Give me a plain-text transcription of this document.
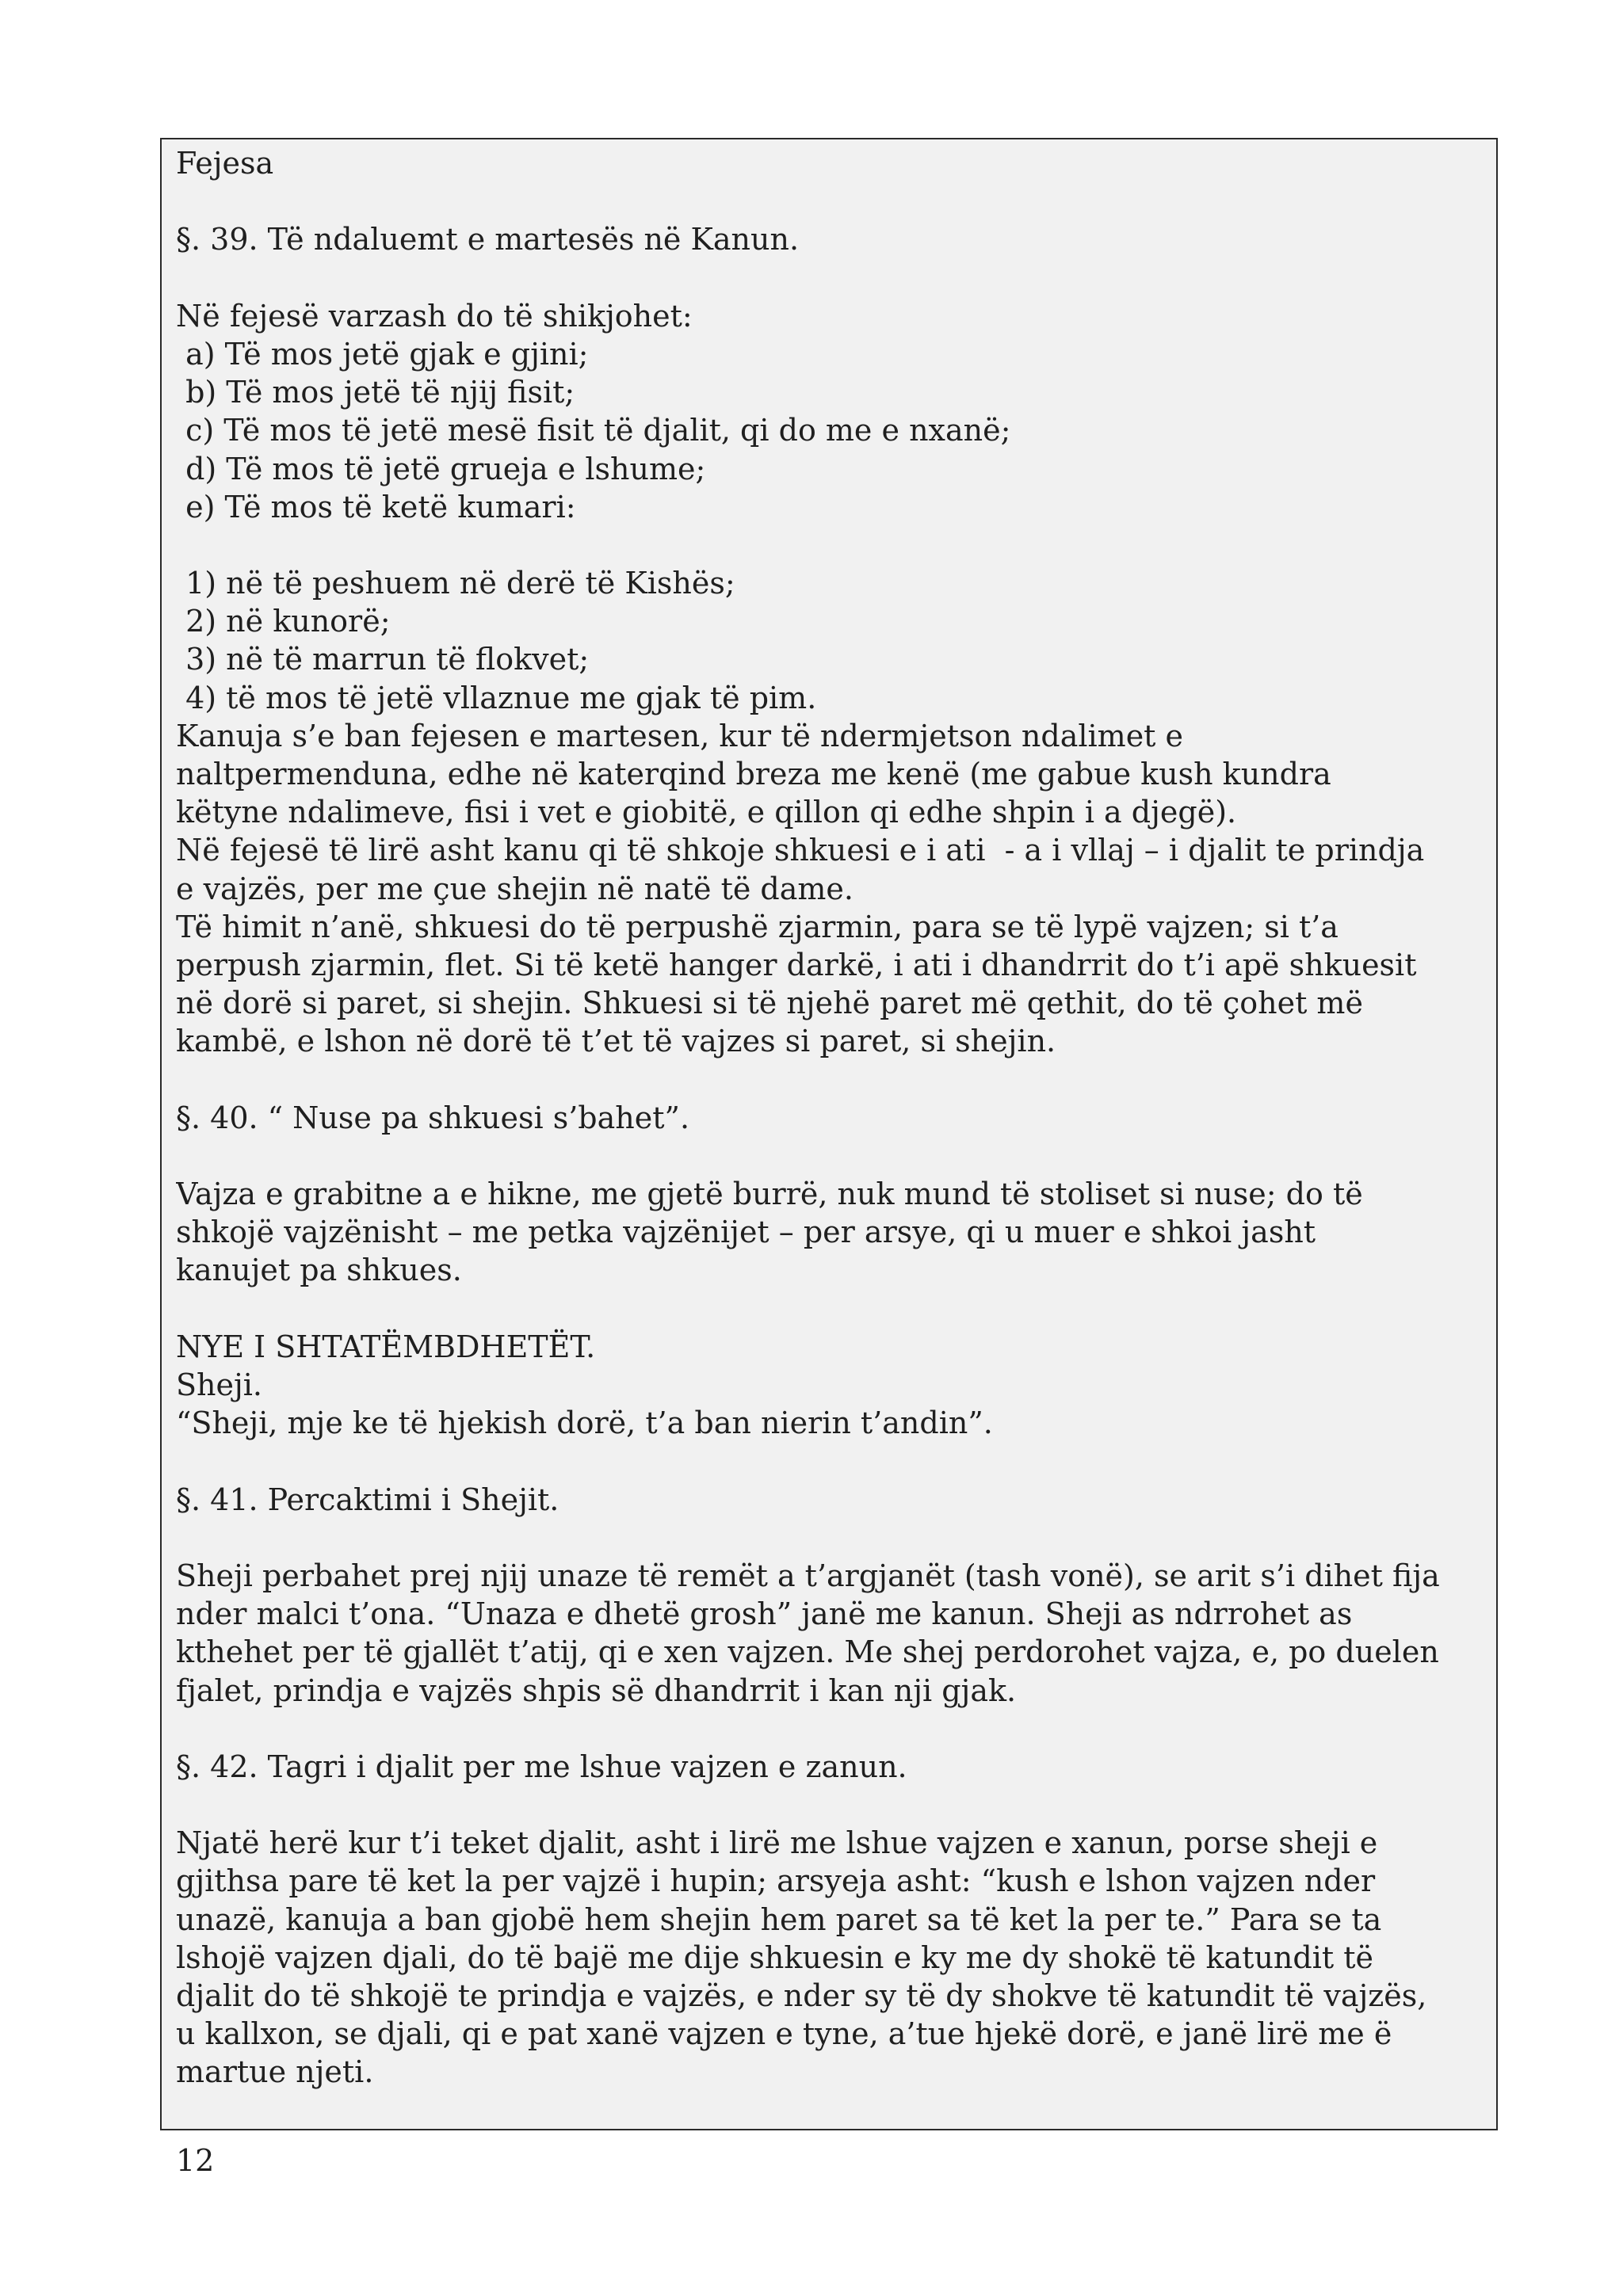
Fejesa
§. 39. Të ndaluemt e martesës në Kanun.
Në fejesë varzash do të shikjohet:
a) Të mos jetë gjak e gjini;
b) Të mos jetë të njij fisit;
c) Të mos të jetë mesë fisit të djalit, qi do me e nxanë;
d) Të mos të jetë grueja e lshume;
e) Të mos të ketë kumari:
1) në të peshuem në derë të Kishës;
2) në kunorë;
3) në të marrun të flokvet;
4) të mos të jetë vllaznue me gjak të pim.
Kanuja s’e ban fejesen e martesen, kur të ndermjetson ndalimet e
naltpermenduna, edhe në katerqind breza me kenë (me gabue kush kundra
këtyne ndalimeve, fisi i vet e giobitë, e qillon qi edhe shpin i a djegë).
Në fejesë të lirë asht kanu qi të shkoje shkuesi e i ati  - a i vllaj – i djalit te prindja
e vajzës, per me çue shejin në natë të dame.
Të himit n’anë, shkuesi do të perpushë zjarmin, para se të lypë vajzen; si t’a
perpush zjarmin, flet. Si të ketë hanger darkë, i ati i dhandrrit do t’i apë shkuesit
në dorë si paret, si shejin. Shkuesi si të njehë paret më qethit, do të çohet më
kambë, e lshon në dorë të t’et të vajzes si paret, si shejin.
§. 40. “ Nuse pa shkuesi s’bahet”.
Vajza e grabitne a e hikne, me gjetë burrë, nuk mund të stoliset si nuse; do të
shkojë vajzënisht – me petka vajzënijet – per arsye, qi u muer e shkoi jasht
kanujet pa shkues.
NYE I SHTATËMBDHETËT.
Sheji.
“Sheji, mje ke të hjekish dorë, t’a ban nierin t’andin”.
§. 41. Percaktimi i Shejit.
Sheji perbahet prej njij unaze të remët a t’argjanët (tash vonë), se arit s’i dihet fija
nder malci t’ona. “Unaza e dhetë grosh” janë me kanun. Sheji as ndrrohet as
kthehet per të gjallët t’atij, qi e xen vajzen. Me shej perdorohet vajza, e, po duelen
fjalet, prindja e vajzës shpis së dhandrrit i kan nji gjak.
§. 42. Tagri i djalit per me lshue vajzen e zanun.
Njatë herë kur t’i teket djalit, asht i lirë me lshue vajzen e xanun, porse sheji e
gjithsa pare të ket la per vajzë i hupin; arsyeja asht: “kush e lshon vajzen nder
unazë, kanuja a ban gjobë hem shejin hem paret sa të ket la per te.” Para se ta
lshojë vajzen djali, do të bajë me dije shkuesin e ky me dy shokë të katundit të
djalit do të shkojë te prindja e vajzës, e nder sy të dy shokve të katundit të vajzës,
u kallxon, se djali, qi e pat xanë vajzen e tyne, a’tue hjekë dorë, e janë lirë me ë
martue njeti.
12
